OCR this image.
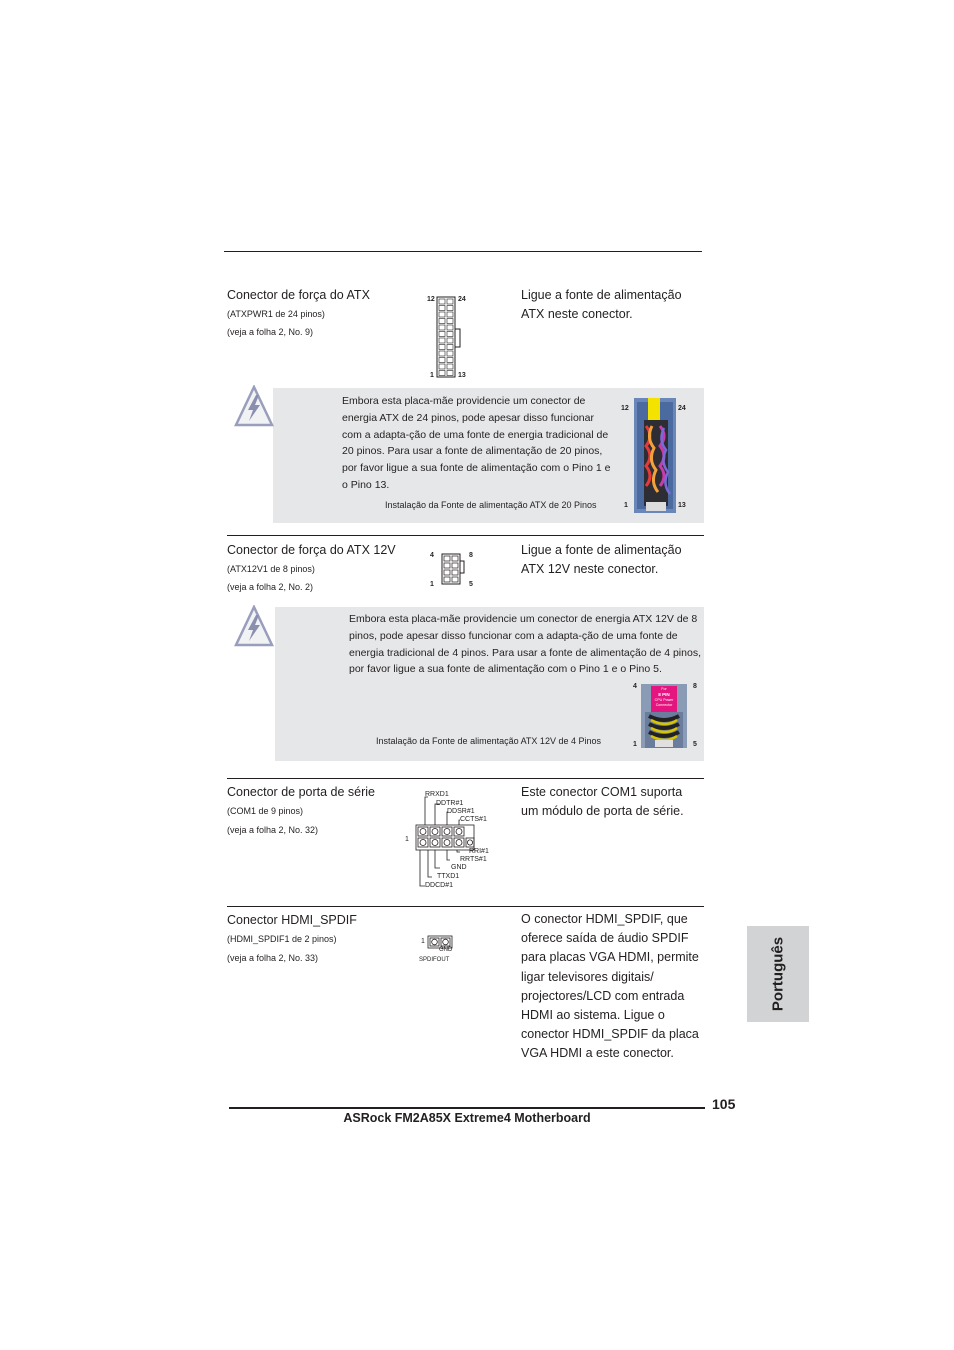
Conector de força do ATX
(ATXPWR1 de 24 pinos)
(veja a folha 2, No. 9)
Ligue a fonte de alimentação
ATX neste conector.
12	24
1	13
Embora esta placa-mãe providencie um conector de energia ATX de 24 pinos, pode apesar disso funcionar com a adapta-ção de uma fonte de energia tradicional de 20 pinos. Para usar a fonte de alimentação de 20 pinos, por favor ligue a sua fonte de alimentação com o Pino 1 e o Pino 13.
Instalação da Fonte de alimentação ATX de 20 Pinos
12	24
1	13
Conector de força do ATX 12V
(ATX12V1 de 8 pinos)
(veja a folha 2, No. 2)
Ligue a fonte de alimentação
ATX 12V neste conector.
4	8
1	5
Embora esta placa-mãe providencie um conector de energia ATX 12V de 8 pinos, pode apesar disso funcionar com a adapta-ção de uma fonte de energia tradicional de 4 pinos. Para usar a fonte de alimentação de 4 pinos, por favor ligue a sua fonte de alimentação com o Pino 1 e o Pino 5.
Instalação da Fonte de alimentação ATX 12V de 4 Pinos
4	8
1	5
For
8 PIN
CPU Power
Connector
Conector de porta de série
(COM1 de 9 pinos)
(veja a folha 2, No. 32)
Este conector COM1 suporta
um módulo de porta de série.
RRXD1
DDTR#1
DDSR#1
CCTS#1
1
RRI#1
RRTS#1
GND
TTXD1
DDCD#1
Conector HDMI_SPDIF
(HDMI_SPDIF1 de 2 pinos)
(veja a folha 2, No. 33)
O conector HDMI_SPDIF, que
oferece saída de áudio SPDIF
para placas VGA HDMI, permite
ligar televisores digitais/
projectores/LCD com entrada
HDMI ao sistema. Ligue o
conector HDMI_SPDIF da placa
VGA HDMI a este conector.
1
GND
SPDIFOUT	Português
105
ASRock FM2A85X Extreme4 Motherboard
